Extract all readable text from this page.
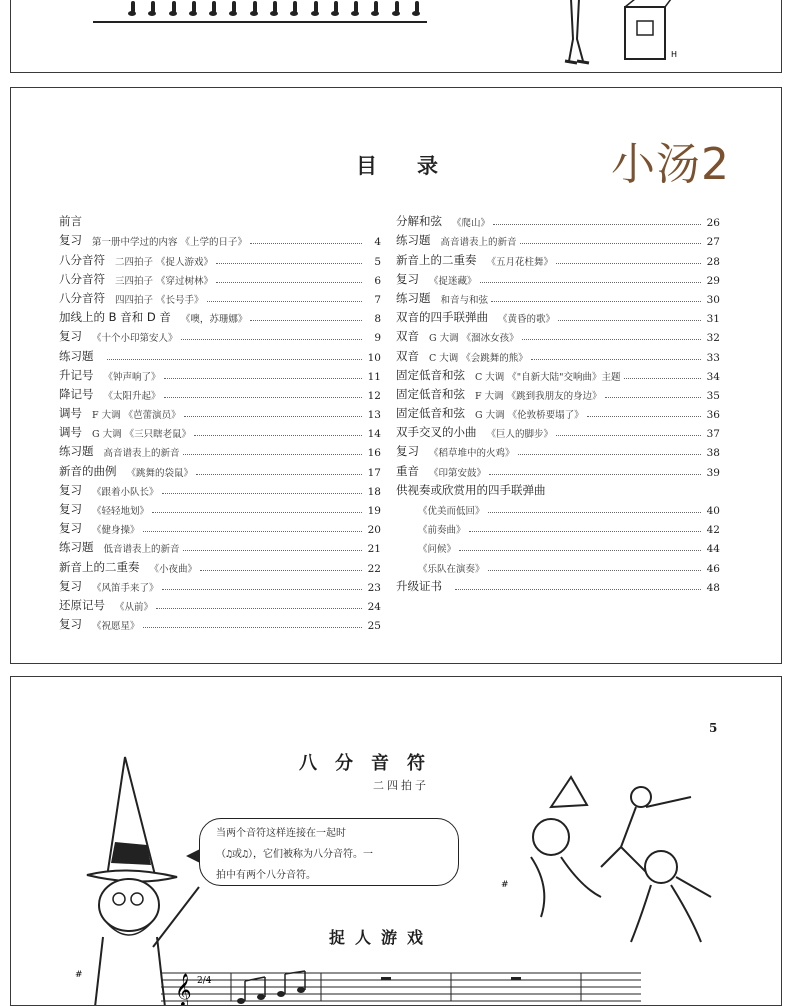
H
小汤2
目录
前言
复习 第一册中学过的内容 《上学的日子》	4
八分音符 二四拍子 《捉人游戏》	5
八分音符 三四拍子 《穿过树林》	6
八分音符 四四拍子 《长号手》	7
加线上的 B 音和 D 音 《噢，苏珊娜》	8
复习 《十个小印第安人》	9
练习题	10
升记号 《钟声响了》	11
降记号 《太阳升起》	12
调号 F 大调 《芭蕾演员》	13
调号 G 大调 《三只瞎老鼠》	14
练习题 高音谱表上的新音	16
新音的曲例 《跳舞的袋鼠》	17
复习 《跟着小队长》	18
复习 《轻轻地划》	19
复习 《健身操》	20
练习题 低音谱表上的新音	21
新音上的二重奏 《小夜曲》	22
复习 《风笛手来了》	23
还原记号 《从前》	24
复习 《祝愿星》	25
分解和弦 《爬山》	26
练习题 高音谱表上的新音	27
新音上的二重奏 《五月花柱舞》	28
复习 《捉迷藏》	29
练习题 和音与和弦	30
双音的四手联弹曲 《黄昏的歌》	31
双音 G 大调 《溜冰女孩》	32
双音 C 大调 《会跳舞的熊》	33
固定低音和弦 C 大调 《"自新大陆"交响曲》主题	34
固定低音和弦 F 大调 《跳到我朋友的身边》	35
固定低音和弦 G 大调 《伦敦桥要塌了》	36
双手交叉的小曲 《巨人的脚步》	37
复习 《稻草堆中的火鸡》	38
重音 《印第安鼓》	39
供视奏或欣赏用的四手联弹曲
《优美而低回》	40
《前奏曲》	42
《问候》	44
《乐队在演奏》	46
升级证书	48
5
八分音符
二四拍子
#
当两个音符这样连接在一起时
（♫或♫），它们被称为八分音符。一
拍中有两个八分音符。
#
捉人游戏
𝄞 2/4
